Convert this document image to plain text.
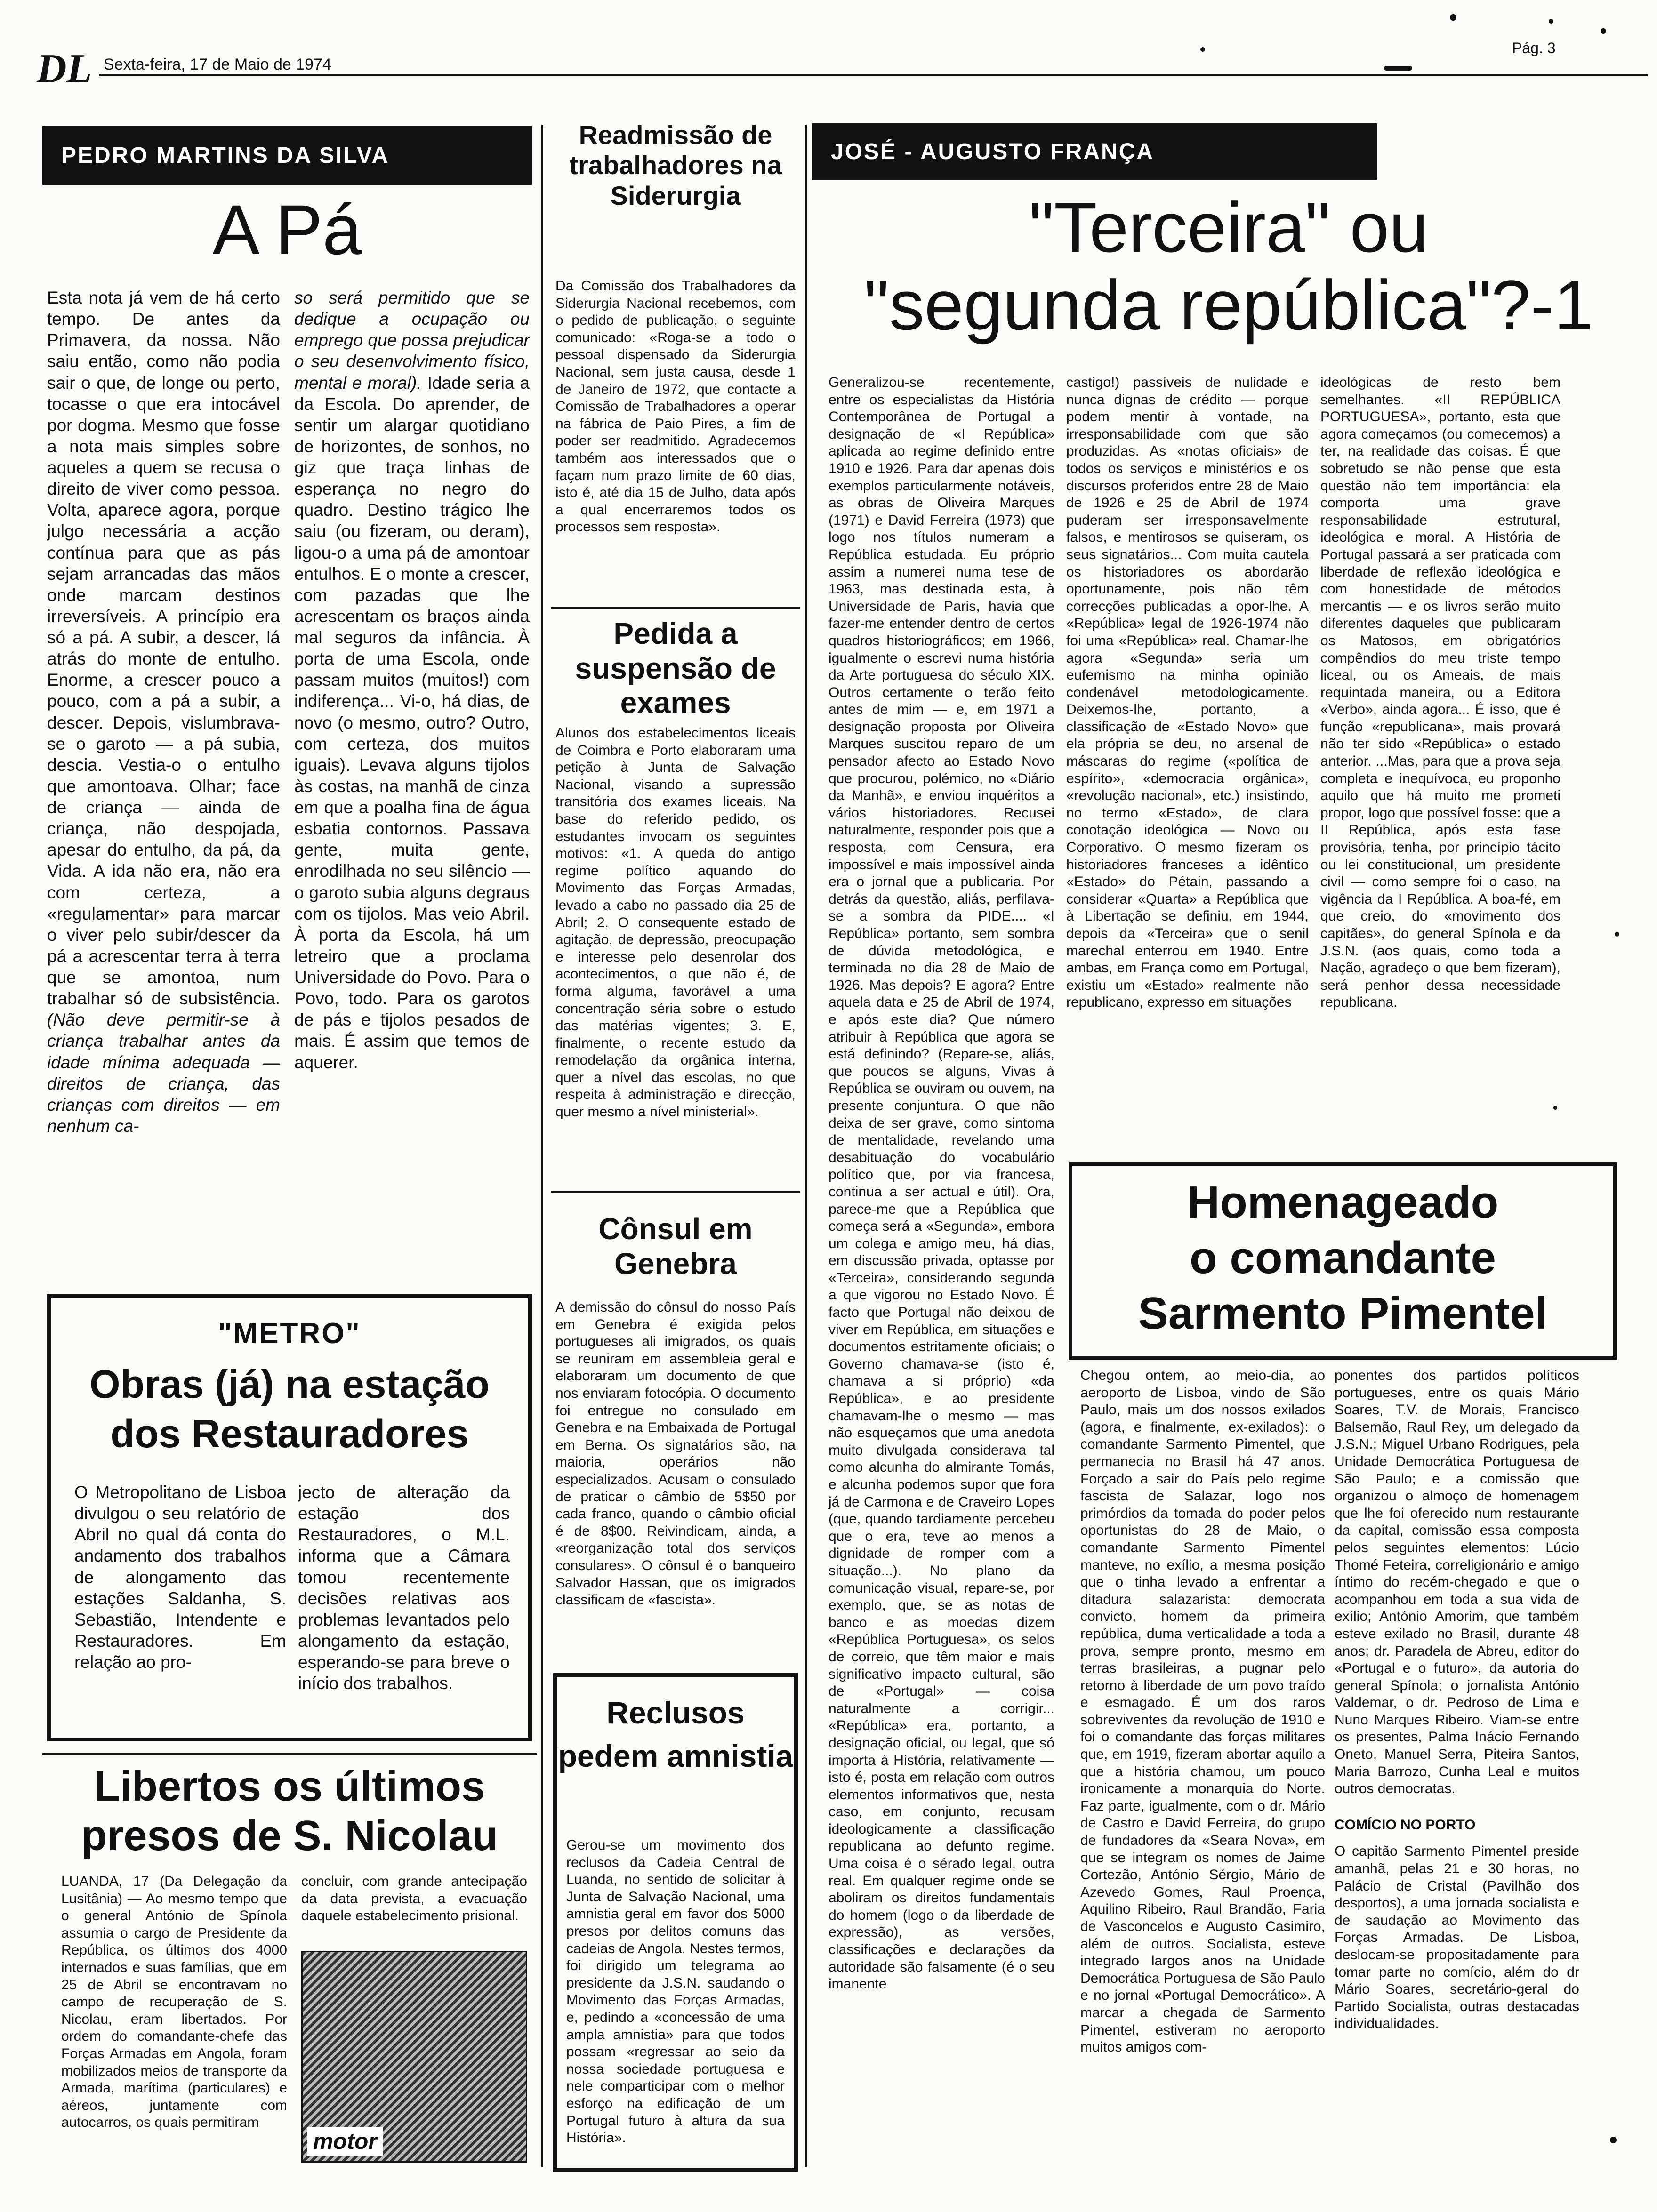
DL Sexta-feira, 17 de Maio de 1974
Pág. 3
PEDRO MARTINS DA SILVA
A Pá
Esta nota já vem de há certo tempo. De antes da Primavera, da nossa. Não saiu então, como não podia sair o que, de longe ou perto, tocasse o que era intocável por dogma. Mesmo que fosse a nota mais simples sobre aqueles a quem se recusa o direito de viver como pessoa. Volta, aparece agora, porque julgo necessária a acção contínua para que as pás sejam arrancadas das mãos onde marcam destinos irreversíveis. A princípio era só a pá. A subir, a descer, lá atrás do monte de entulho. Enorme, a crescer pouco a pouco, com a pá a subir, a descer. Depois, vislumbrava-se o garoto — a pá subia, descia. Vestia-o o entulho que amontoava. Olhar; face de criança — ainda de criança, não despojada, apesar do entulho, da pá, da Vida. A ida não era, não era com certeza, a «regulamentar» para marcar o viver pelo subir/descer da pá a acrescentar terra à terra que se amontoa, num trabalhar só de subsistência. (Não deve permitir-se à criança trabalhar antes da idade mínima adequada — direitos de criança, das crianças com direitos — em nenhum ca-
so será permitido que se dedique a ocupação ou emprego que possa prejudicar o seu desenvolvimento físico, mental e moral). Idade seria a da Escola. Do aprender, de sentir um alargar quotidiano de horizontes, de sonhos, no giz que traça linhas de esperança no negro do quadro. Destino trágico lhe saiu (ou fizeram, ou deram), ligou-o a uma pá de amontoar entulhos. E o monte a crescer, com pazadas que lhe acrescentam os braços ainda mal seguros da infância. À porta de uma Escola, onde passam muitos (muitos!) com indiferença... Vi-o, há dias, de novo (o mesmo, outro? Outro, com certeza, dos muitos iguais). Levava alguns tijolos às costas, na manhã de cinza em que a poalha fina de água esbatia contornos. Passava gente, muita gente, enrodilhada no seu silêncio — o garoto subia alguns degraus com os tijolos. Mas veio Abril. À porta da Escola, há um letreiro que a proclama Universidade do Povo. Para o Povo, todo. Para os garotos de pás e tijolos pesados de mais. É assim que temos de aquerer.
"METRO"
Obras (já) na estação
dos Restauradores
O Metropolitano de Lisboa divulgou o seu relatório de Abril no qual dá conta do andamento dos trabalhos de alongamento das estações Saldanha, S. Sebastião, Intendente e Restauradores. Em relação ao pro-
jecto de alteração da estação dos Restauradores, o M.L. informa que a Câmara tomou recentemente decisões relativas aos problemas levantados pelo alongamento da estação, esperando-se para breve o início dos trabalhos.
Libertos os últimos
presos de S. Nicolau
LUANDA, 17 (Da Delegação da Lusitânia) — Ao mesmo tempo que o general António de Spínola assumia o cargo de Presidente da República, os últimos dos 4000 internados e suas famílias, que em 25 de Abril se encontravam no campo de recuperação de S. Nicolau, eram libertados. Por ordem do comandante-chefe das Forças Armadas em Angola, foram mobilizados meios de transporte da Armada, marítima (particulares) e aéreos, juntamente com autocarros, os quais permitiram
concluir, com grande antecipação da data prevista, a evacuação daquele estabelecimento prisional.
motor
Readmissão de trabalhadores na Siderurgia
Da Comissão dos Trabalhadores da Siderurgia Nacional recebemos, com o pedido de publicação, o seguinte comunicado: «Roga-se a todo o pessoal dispensado da Siderurgia Nacional, sem justa causa, desde 1 de Janeiro de 1972, que contacte a Comissão de Trabalhadores a operar na fábrica de Paio Pires, a fim de poder ser readmitido. Agradecemos também aos interessados que o façam num prazo limite de 60 dias, isto é, até dia 15 de Julho, data após a qual encerraremos todos os processos sem resposta».
Pedida a suspensão de exames
Alunos dos estabelecimentos liceais de Coimbra e Porto elaboraram uma petição à Junta de Salvação Nacional, visando a supressão transitória dos exames liceais. Na base do referido pedido, os estudantes invocam os seguintes motivos: «1. A queda do antigo regime político aquando do Movimento das Forças Armadas, levado a cabo no passado dia 25 de Abril; 2. O consequente estado de agitação, de depressão, preocupação e interesse pelo desenrolar dos acontecimentos, o que não é, de forma alguma, favorável a uma concentração séria sobre o estudo das matérias vigentes; 3. E, finalmente, o recente estudo da remodelação da orgânica interna, quer a nível das escolas, no que respeita à administração e direcção, quer mesmo a nível ministerial».
Cônsul em Genebra
A demissão do cônsul do nosso País em Genebra é exigida pelos portugueses ali imigrados, os quais se reuniram em assembleia geral e elaboraram um documento de que nos enviaram fotocópia. O documento foi entregue no consulado em Genebra e na Embaixada de Portugal em Berna. Os signatários são, na maioria, operários não especializados. Acusam o consulado de praticar o câmbio de 5$50 por cada franco, quando o câmbio oficial é de 8$00. Reivindicam, ainda, a «reorganização total dos serviços consulares». O cônsul é o banqueiro Salvador Hassan, que os imigrados classificam de «fascista».
Reclusos pedem amnistia
Gerou-se um movimento dos reclusos da Cadeia Central de Luanda, no sentido de solicitar à Junta de Salvação Nacional, uma amnistia geral em favor dos 5000 presos por delitos comuns das cadeias de Angola. Nestes termos, foi dirigido um telegrama ao presidente da J.S.N. saudando o Movimento das Forças Armadas, e, pedindo a «concessão de uma ampla amnistia» para que todos possam «regressar ao seio da nossa sociedade portuguesa e nele comparticipar com o melhor esforço na edificação de um Portugal futuro à altura da sua História».
JOSÉ - AUGUSTO FRANÇA
"Terceira" ou
"segunda república"?-1
Generalizou-se recentemente, entre os especialistas da História Contemporânea de Portugal a designação de «I República» aplicada ao regime definido entre 1910 e 1926. Para dar apenas dois exemplos particularmente notáveis, as obras de Oliveira Marques (1971) e David Ferreira (1973) que logo nos títulos numeram a República estudada. Eu próprio assim a numerei numa tese de 1963, mas destinada esta, à Universidade de Paris, havia que fazer-me entender dentro de certos quadros historiográficos; em 1966, igualmente o escrevi numa história da Arte portuguesa do século XIX. Outros certamente o terão feito antes de mim — e, em 1971 a designação proposta por Oliveira Marques suscitou reparo de um pensador afecto ao Estado Novo que procurou, polémico, no «Diário da Manhã», e enviou inquéritos a vários historiadores. Recusei naturalmente, responder pois que a resposta, com Censura, era impossível e mais impossível ainda era o jornal que a publicaria. Por detrás da questão, aliás, perfilava-se a sombra da PIDE.... «I República» portanto, sem sombra de dúvida metodológica, e terminada no dia 28 de Maio de 1926. Mas depois? E agora? Entre aquela data e 25 de Abril de 1974, e após este dia? Que número atribuir à República que agora se está definindo? (Repare-se, aliás, que poucos se alguns, Vivas à República se ouviram ou ouvem, na presente conjuntura. O que não deixa de ser grave, como sintoma de mentalidade, revelando uma desabituação do vocabulário político que, por via francesa, continua a ser actual e útil). Ora, parece-me que a República que começa será a «Segunda», embora um colega e amigo meu, há dias, em discussão privada, optasse por «Terceira», considerando segunda a que vigorou no Estado Novo. É facto que Portugal não deixou de viver em República, em situações e documentos estritamente oficiais; o Governo chamava-se (isto é, chamava a si próprio) «da República», e ao presidente chamavam-lhe o mesmo — mas não esqueçamos que uma anedota muito divulgada considerava tal como alcunha do almirante Tomás, e alcunha podemos supor que fora já de Carmona e de Craveiro Lopes (que, quando tardiamente percebeu que o era, teve ao menos a dignidade de romper com a situação...). No plano da comunicação visual, repare-se, por exemplo, que, se as notas de banco e as moedas dizem «República Portuguesa», os selos de correio, que têm maior e mais significativo impacto cultural, são de «Portugal» — coisa naturalmente a corrigir... «República» era, portanto, a designação oficial, ou legal, que só importa à História, relativamente — isto é, posta em relação com outros elementos informativos que, nesta caso, em conjunto, recusam ideologicamente a classificação republicana ao defunto regime. Uma coisa é o sérado legal, outra real. Em qualquer regime onde se aboliram os direitos fundamentais do homem (logo o da liberdade de expressão), as versões, classificações e declarações da autoridade são falsamente (é o seu imanente
castigo!) passíveis de nulidade e nunca dignas de crédito — porque podem mentir à vontade, na irresponsabilidade com que são produzidas. As «notas oficiais» de todos os serviços e ministérios e os discursos proferidos entre 28 de Maio de 1926 e 25 de Abril de 1974 puderam ser irresponsavelmente falsos, e mentirosos se quiseram, os seus signatários... Com muita cautela os historiadores os abordarão oportunamente, pois não têm correcções publicadas a opor-lhe. A «República» legal de 1926-1974 não foi uma «República» real. Chamar-lhe agora «Segunda» seria um eufemismo na minha opinião condenável metodologicamente. Deixemos-lhe, portanto, a classificação de «Estado Novo» que ela própria se deu, no arsenal de máscaras do regime («política de espírito», «democracia orgânica», «revolução nacional», etc.) insistindo, no termo «Estado», de clara conotação ideológica — Novo ou Corporativo. O mesmo fizeram os historiadores franceses a idêntico «Estado» do Pétain, passando a considerar «Quarta» a República que à Libertação se definiu, em 1944, depois da «Terceira» que o senil marechal enterrou em 1940. Entre ambas, em França como em Portugal, existiu um «Estado» realmente não republicano, expresso em situações
ideológicas de resto bem semelhantes. «II REPÚBLICA PORTUGUESA», portanto, esta que agora começamos (ou comecemos) a ter, na realidade das coisas. É que sobretudo se não pense que esta questão não tem importância: ela comporta uma grave responsabilidade estrutural, ideológica e moral. A História de Portugal passará a ser praticada com liberdade de reflexão ideológica e com honestidade de métodos mercantis — e os livros serão muito diferentes daqueles que publicaram os Matosos, em obrigatórios compêndios do meu triste tempo liceal, ou os Ameais, de mais requintada maneira, ou a Editora «Verbo», ainda agora... É isso, que é função «republicana», mais provará não ter sido «República» o estado anterior. ...Mas, para que a prova seja completa e inequívoca, eu proponho aquilo que há muito me prometi propor, logo que possível fosse: que a II República, após esta fase provisória, tenha, por princípio tácito ou lei constitucional, um presidente civil — como sempre foi o caso, na vigência da I República. A boa-fé, em que creio, do «movimento dos capitães», do general Spínola e da J.S.N. (aos quais, como toda a Nação, agradeço o que bem fizeram), será penhor dessa necessidade republicana.
Homenageado
o comandante
Sarmento Pimentel
Chegou ontem, ao meio-dia, ao aeroporto de Lisboa, vindo de São Paulo, mais um dos nossos exilados (agora, e finalmente, ex-exilados): o comandante Sarmento Pimentel, que permanecia no Brasil há 47 anos. Forçado a sair do País pelo regime fascista de Salazar, logo nos primórdios da tomada do poder pelos oportunistas do 28 de Maio, o comandante Sarmento Pimentel manteve, no exílio, a mesma posição que o tinha levado a enfrentar a ditadura salazarista: democrata convicto, homem da primeira república, duma verticalidade a toda a prova, sempre pronto, mesmo em terras brasileiras, a pugnar pelo retorno à liberdade de um povo traído e esmagado. É um dos raros sobreviventes da revolução de 1910 e foi o comandante das forças militares que, em 1919, fizeram abortar aquilo a que a história chamou, um pouco ironicamente a monarquia do Norte. Faz parte, igualmente, com o dr. Mário de Castro e David Ferreira, do grupo de fundadores da «Seara Nova», em que se integram os nomes de Jaime Cortezão, António Sérgio, Mário de Azevedo Gomes, Raul Proença, Aquilino Ribeiro, Raul Brandão, Faria de Vasconcelos e Augusto Casimiro, além de outros. Socialista, esteve integrado largos anos na Unidade Democrática Portuguesa de São Paulo e no jornal «Portugal Democrático». A marcar a chegada de Sarmento Pimentel, estiveram no aeroporto muitos amigos com-
ponentes dos partidos políticos portugueses, entre os quais Mário Soares, T.V. de Morais, Francisco Balsemão, Raul Rey, um delegado da J.S.N.; Miguel Urbano Rodrigues, pela Unidade Democrática Portuguesa de São Paulo; e a comissão que organizou o almoço de homenagem que lhe foi oferecido num restaurante da capital, comissão essa composta pelos seguintes elementos: Lúcio Thomé Feteira, correligionário e amigo íntimo do recém-chegado e que o acompanhou em toda a sua vida de exílio; António Amorim, que também esteve exilado no Brasil, durante 48 anos; dr. Paradela de Abreu, editor do «Portugal e o futuro», da autoria do general Spínola; o jornalista António Valdemar, o dr. Pedroso de Lima e Nuno Marques Ribeiro. Viam-se entre os presentes, Palma Inácio Fernando Oneto, Manuel Serra, Piteira Santos, Maria Barrozo, Cunha Leal e muitos outros democratas.
COMÍCIO NO PORTO
O capitão Sarmento Pimentel preside amanhã, pelas 21 e 30 horas, no Palácio de Cristal (Pavilhão dos desportos), a uma jornada socialista e de saudação ao Movimento das Forças Armadas. De Lisboa, deslocam-se propositadamente para tomar parte no comício, além do dr Mário Soares, secretário-geral do Partido Socialista, outras destacadas individualidades.
